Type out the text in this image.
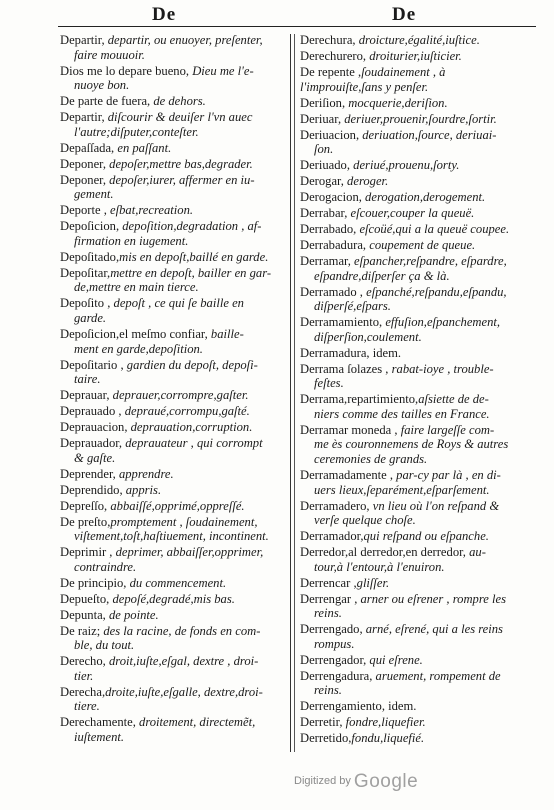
De	De
Departir, departir, ou enuoyer, preſenter,
faire mouuoir.
Dios me lo depare bueno, Dieu me l'e-
nuoye bon.
De parte de fuera, de dehors.
Departir, diſcourir & deuiſer l'vn auec
l'autre;diſputer,conteſter.
Depaſſada, en paſſant.
Deponer, depoſer,mettre bas,degrader.
Deponer, depoſer,iurer, affermer en iu-
gement.
Deporte , eſbat,recreation.
Depoſicion, depoſition,degradation , af-
firmation en iugement.
Depoſitado,mis en depoſt,baillé en garde.
Depoſitar,mettre en depoſt, bailler en gar-
de,mettre en main tierce.
Depoſito , depoſt , ce qui ſe baille en
garde.
Depoſicion,el meſmo confiar, baille-
ment en garde,depoſition.
Depoſitario , gardien du depoſt, depoſi-
taire.
Deprauar, deprauer,corrompre,gaſter.
Deprauado , depraué,corrompu,gaſté.
Deprauacion, deprauation,corruption.
Deprauador, deprauateur , qui corrompt
& gaſte.
Deprender, apprendre.
Deprendido, appris.
Depreſſo, abbaiſſé,opprimé,oppreſſé.
De preſto,promptement , ſoudainement,
viſtement,toſt,haſtiuement, incontinent.
Deprimir , deprimer, abbaiſſer,opprimer,
contraindre.
De principio, du commencement.
Depueſto, depoſé,degradé,mis bas.
Depunta, de pointe.
De raiz; des la racine, de fonds en com-
ble, du tout.
Derecho, droit,iuſte,eſgal, dextre , droi-
tier.
Derecha,droite,iuſte,eſgalle, dextre,droi-
tiere.
Derechamente, droitement, directemẽt,
iuſtement.
Derechura, droicture,égalité,iuſtice.
Derechurero, droiturier,iuſticier.
De repente ,ſoudainement , à l'improuiſte,ſans y penſer.
Deriſion, mocquerie,deriſion.
Deriuar, deriuer,prouenir,ſourdre,ſortir.
Deriuacion, deriuation,ſource, deriuai-
ſon.
Deriuado, deriué,prouenu,ſorty.
Derogar, deroger.
Derogacion, derogation,derogement.
Derrabar, eſcouer,couper la queuë.
Derrabado, eſcoüé,qui a la queuë coupee.
Derrabadura, coupement de queue.
Derramar, eſpancher,reſpandre, eſpardre,
eſpandre,diſperſer ça & là.
Derramado , eſpanché,reſpandu,eſpandu,
diſperſé,eſpars.
Derramamiento, effuſion,eſpanchement,
diſperſion,coulement.
Derramadura, idem.
Derrama ſolazes , rabat-ioye , trouble-
feſtes.
Derrama,repartimiento,aſsiette de de-
niers comme des tailles en France.
Derramar moneda , faire largeſſe com-
me ès couronnemens de Roys & autres ceremonies de grands.
Derramadamente , par-cy par là , en di-
uers lieux,ſeparément,eſparſement.
Derramadero, vn lieu où l'on reſpand &
verſe quelque choſe.
Derramador,qui reſpand ou eſpanche.
Derredor,al derredor,en derredor, au-
tour,à l'entour,à l'enuiron.
Derrencar ,gliſſer.
Derrengar , arner ou eſrener , rompre les
reins.
Derrengado, arné, eſrené, qui a les reins
rompus.
Derrengador, qui eſrene.
Derrengadura, aruement, rompement de
reins.
Derrengamiento, idem.
Derretir, fondre,liquefier.
Derretido,fondu,liquefié.
Digitized by Google
